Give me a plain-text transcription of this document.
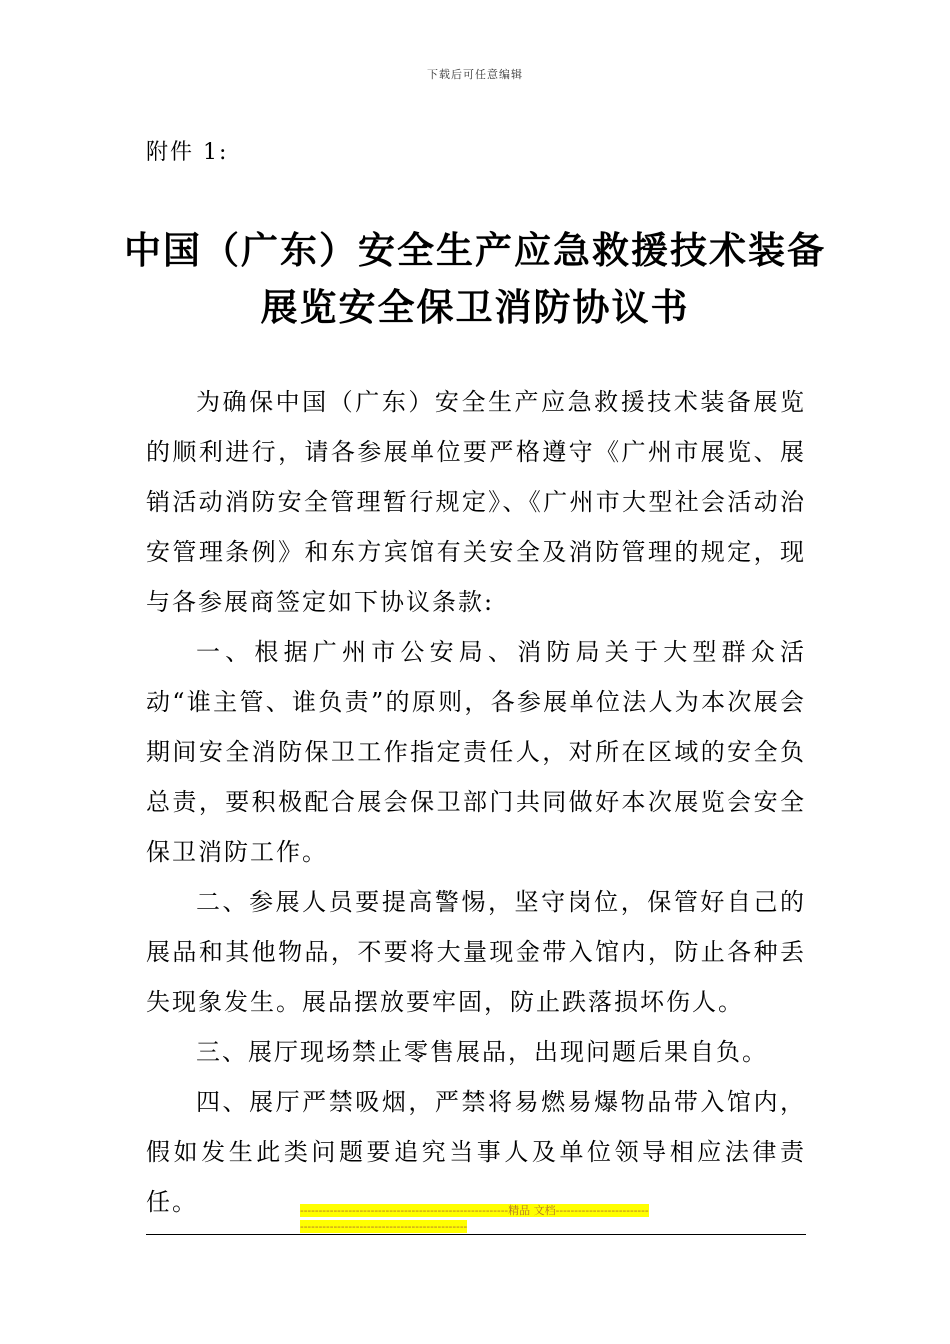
下载后可任意编辑
附件 1:
中国（广东）安全生产应急救援技术装备
展览安全保卫消防协议书

为确保中国（广东）安全生产应急救援技术装备展览的顺利进行，请各参展单位要严格遵守《广州市展览、展销活动消防安全管理暂行规定》、《广州市大型社会活动治安管理条例》和东方宾馆有关安全及消防管理的规定，现与各参展商签定如下协议条款:

一、根据广州市公安局、消防局关于大型群众活动“谁主管、谁负责”的原则，各参展单位法人为本次展会期间安全消防保卫工作指定责任人，对所在区域的安全负总责，要积极配合展会保卫部门共同做好本次展览会安全保卫消防工作。

二、参展人员要提高警惕，坚守岗位，保管好自己的展品和其他物品，不要将大量现金带入馆内，防止各种丢失现象发生。展品摆放要牢固，防止跌落损坏伤人。

三、展厅现场禁止零售展品，出现问题后果自负。

四、展厅严禁吸烟，严禁将易燃易爆物品带入馆内，假如发生此类问题要追究当事人及单位领导相应法律责任。	--------------------------------------------------------精品 文档----------------------------------------------------------------------
